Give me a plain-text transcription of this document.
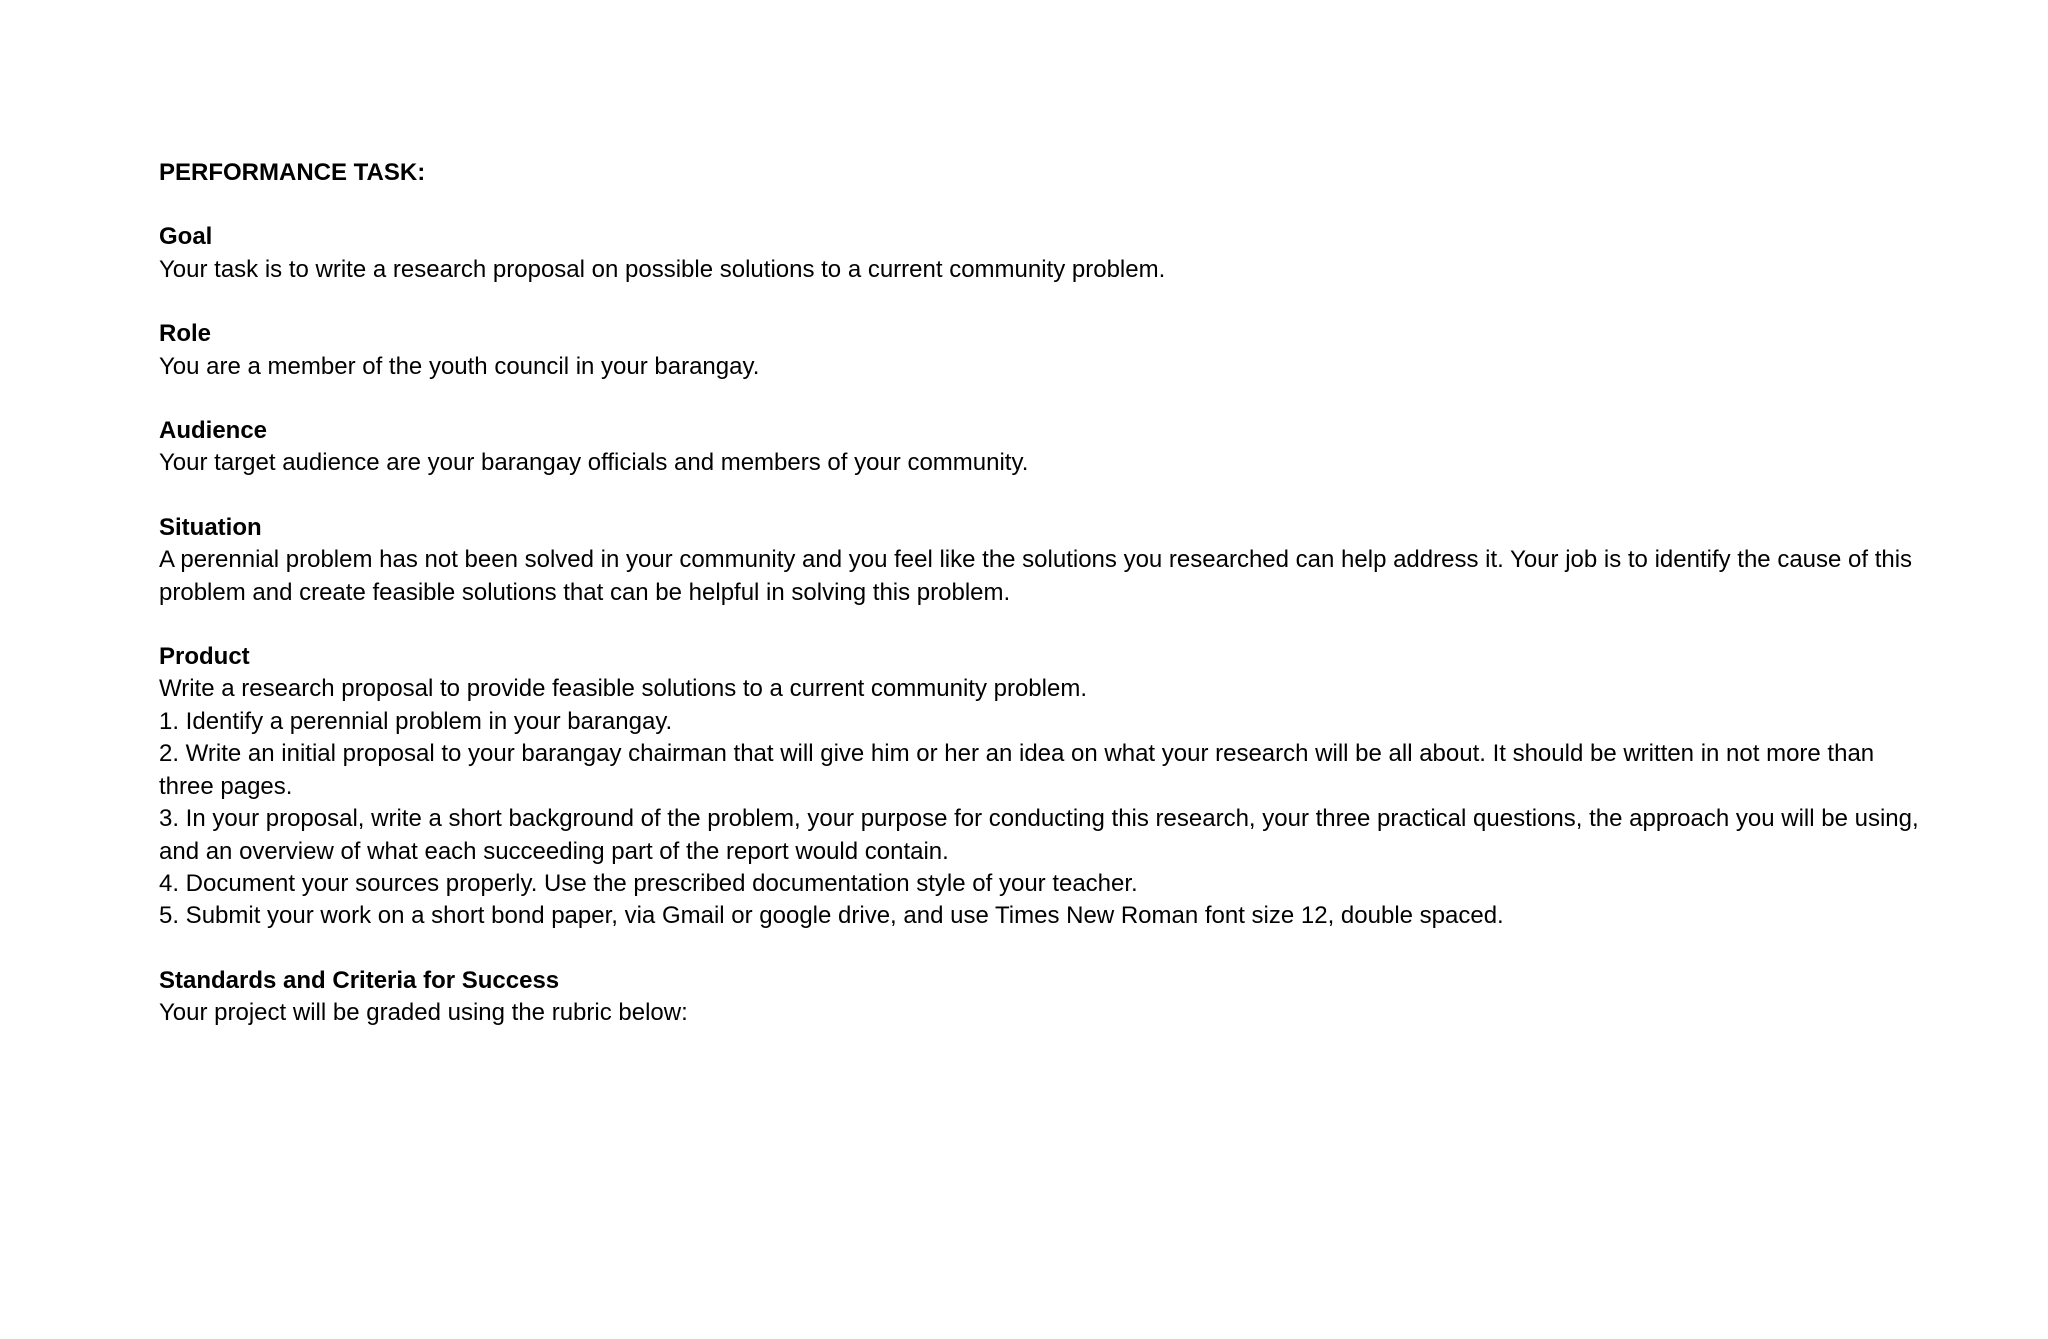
PERFORMANCE TASK:

Goal

Your task is to write a research proposal on possible solutions to a current community problem.

Role

You are a member of the youth council in your barangay.

Audience

Your target audience are your barangay officials and members of your community.

Situation

A perennial problem has not been solved in your community and you feel like the solutions you researched can help address it. Your job is to identify the cause of this problem and create feasible solutions that can be helpful in solving this problem.

Product

Write a research proposal to provide feasible solutions to a current community problem.

1. Identify a perennial problem in your barangay.

2. Write an initial proposal to your barangay chairman that will give him or her an idea on what your research will be all about. It should be written in not more than three pages.

3. In your proposal, write a short background of the problem, your purpose for conducting this research, your three practical questions, the approach you will be using, and an overview of what each succeeding part of the report would contain.

4. Document your sources properly. Use the prescribed documentation style of your teacher.

5. Submit your work on a short bond paper, via Gmail or google drive, and use Times New Roman font size 12, double spaced.

Standards and Criteria for Success

Your project will be graded using the rubric below:
